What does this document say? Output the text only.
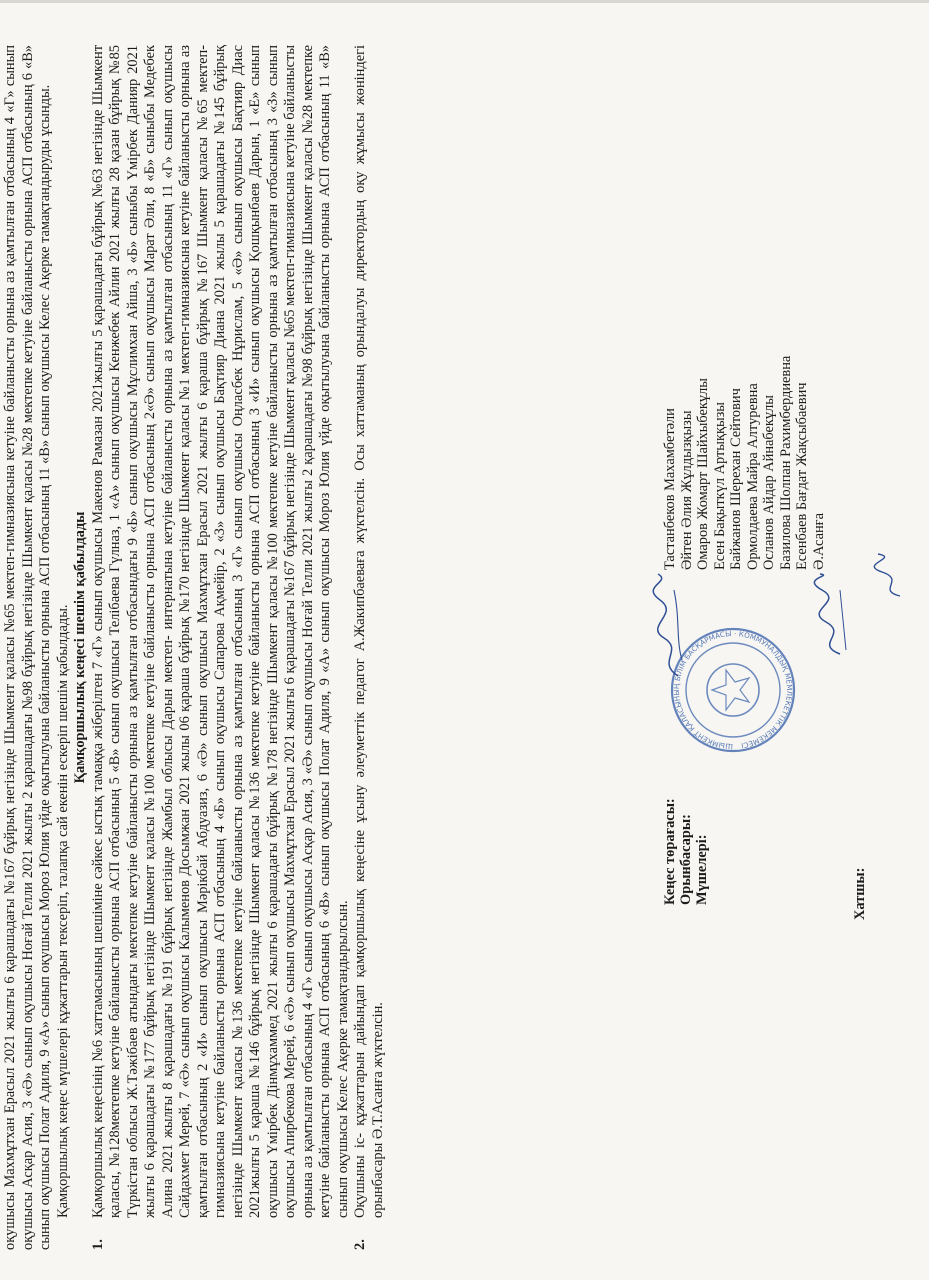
оқушысы Махмұтхан Ерасыл 2021 жылғы 6 қарашадағы №167 бұйрық негізінде Шымкент қаласы №65 мектеп-гимназиясына кетуіне байланысты орнына аз қамтылған отбасының 4 «Г» сынып оқушысы Асқар Асия, 3 «Ә» сынып оқушысы Ноғай Телли 2021 жылғы 2 қарашадағы №98 бұйрық негізінде Шымкент қаласы №28 мектепке кетуіне байланысты орнына АСП отбасының 6 «В» сынып оқушысы Полат Адиля, 9 «А» сынып оқушысы Мороз Юлия үйде оқытылуына байланысты орнына АСП отбасының 11 «В» сынып оқушысы Келес Ақерке тамақтандыруды ұсынды. Қамқоршылық кеңес мүшелері құжаттарын тексеріп, талапқа сай екенін ескеріп шешім қабылдады. Қамқоршылық кеңесі шешім қабылдады

1.
Қамқоршылық кеңесінің №6 хаттамасының шешіміне сәйкес ыстық тамаққа жіберілген 7 «Г» сынып оқушысы Макенов Рамазан 2021жылғы 5 қарашадағы бұйрық №63 негізінде Шымкент қаласы, №128мектепке кетуіне байланысты орнына АСП отбасының 5 «В» сынып оқушысы Телібаева Гүлназ, 1 «А» сынып оқушысы Кенжебек Айлин 2021 жылғы 28 қазан бұйрық №85 Түркістан облысы Ж.Тәжібаев атындағы мектепке кетуіне байланысты орнына аз қамтылған отбасындағы 9 «Б» сынып оқушысы Мұслимхан Айша, 3 «Б» сыныбы Үмірбек Данияр 2021 жылғы 6 қарашадағы №177 бұйрық негізінде Шымкент қаласы №100 мектепке кетуіне байланысты орнына АСП отбасының 2«Ә» сынып оқушысы Марат Әли, 8 «Б» сыныбы Медебек Алина 2021 жылғы 8 қарашадағы №191 бұйрық негізінде Жамбыл облысы Дарын мектеп- интернатына кетуіне байланысты орнына аз қамтылған отбасының 11 «Г» сынып оқушысы Сайдахмет Мерей, 7 «Ә» сынып оқушысы Калыменов Досымжан 2021 жылы 06 қараша бұйрық №170 негізінде Шымкент қаласы №1 мектеп-гимназиясына кетуіне байланысты орнына аз қамтылған отбасының 2 «И» сынып оқушысы Мәрікбай Абдуазиз, 6 «Ә» сынып оқушысы Махмұтхан Ерасыл 2021 жылғы 6 қараша бұйрық №167 Шымкент қаласы №65 мектеп-гимназиясына кетуіне байланысты орнына АСП отбасының 4 «Б» сынып оқушысы Сапарова Ақмейір, 2 «З» сынып оқушысы Бақтияр Диана 2021 жылы 5 қарашадағы №145 бұйрық негізінде Шымкент қаласы №136 мектепке кетуіне байланысты орнына аз қамтылған отбасының 3 «Г» сынып оқушысы Оңласбек Нұрислам, 5 «Ә» сынып оқушысы Бақтияр Диас 2021жылғы 5 қараша №146 бұйрық негізінде Шымкент қаласы №136 мектепке кетуіне байланысты орнына АСП отбасының 3 «И» сынып оқушысы Қошқынбаев Дарын, 1 «Е» сынып оқушысы Үмірбек Дінмұхаммед 2021 жылғы 6 қарашадағы бұйрық №178 негізінде Шымкент қаласы №100 мектепке кетуіне байланысты орнына аз қамтылған отбасының 3 «З» сынып оқушысы Апирбекова Мерей, 6 «Ә» сынып оқушысы Махмұтхан Ерасыл 2021 жылғы 6 қарашадағы №167 бұйрық негізінде Шымкент қаласы №65 мектеп-гимназиясына кетуіне байланысты орнына аз қамтылған отбасының 4 «Г» сынып оқушысы Асқар Асия, 3 «Ә» сынып оқушысы Ноғай Телли 2021 жылғы 2 қарашадағы №98 бұйрық негізінде Шымкент қаласы №28 мектепке кетуіне байланысты орнына АСП отбасының 6 «В» сынып оқушысы Полат Адиля, 9 «А» сынып оқушысы Мороз Юлия үйде оқытылуына байланысты орнына АСП отбасының 11 «В» сынып оқушысы Келес Ақерке тамақтандырылсын.
2.
Оқушыны іс- құжаттарын дайындап қамқоршылық кеңесіне ұсыну әлеуметтік педагог А.Жакипбаеваға жүктелсін. Осы хаттаманың орындалуы директордың оқу жұмысы жөніндегі орынбасары Ә.Т.Асанға жүктелсін.
Кеңес төрағасы: Орынбасары: Мүшелері:	Хатшы:
Тастанбеков Махамбетәли Әйтен Әлия Жұлдызқызы Омаров Жомарт Шайхыбекұлы Есен Бақыткүл Артыққызы Байжанов Шерехан Сейтович Ормолдаева Майра Алтуревна Осланов Айдар Айнабекұлы Базилова Шолпан Рахимбердиевна Есенбаев Бағдат Жақсыбаевич Ә.Асанға
ШЫМКЕНТ ҚАЛАСЫНЫҢ БІЛІМ БАСҚАРМАСЫ · КОММУНАЛДЫҚ МЕМЛЕКЕТТІК МЕКЕМЕСІ
